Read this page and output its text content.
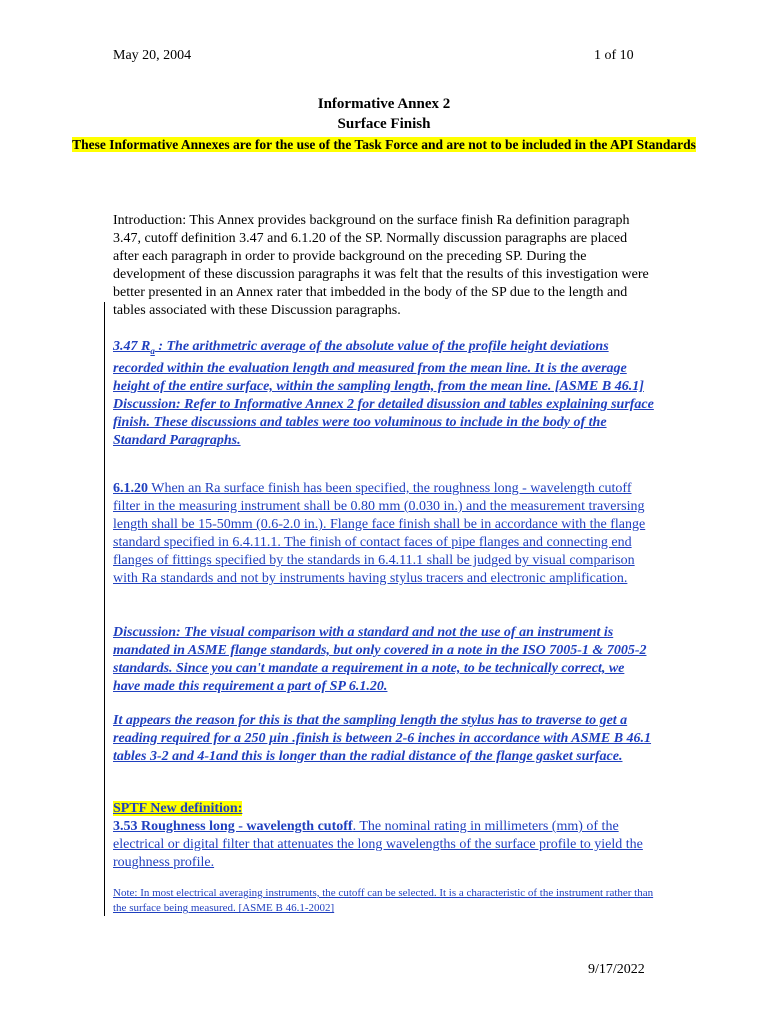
May 20, 2004	1 of 10
Informative Annex 2
Surface Finish
These Informative Annexes are for the use of the Task Force and are not to be included in the API Standards
Introduction: This Annex provides background on the surface finish Ra definition paragraph 3.47, cutoff definition 3.47 and 6.1.20 of the SP. Normally discussion paragraphs are placed after each paragraph in order to provide background on the preceding SP. During the development of these discussion paragraphs it was felt that the results of this investigation were better presented in an Annex rater that imbedded in the body of the SP due to the length and tables associated with these Discussion paragraphs.
3.47 $R_a$ : The arithmetric average of the absolute value of the profile height deviations recorded within the evaluation length and measured from the mean line. It is the average height of the entire surface, within the sampling length, from the mean line. [ASME B 46.1]
Discussion: Refer to Informative Annex 2 for detailed disussion and tables explaining surface finish. These discussions and tables were too voluminous to include in the body of the Standard Paragraphs.
6.1.20 When an Ra surface finish has been specified, the roughness long - wavelength cutoff filter in the measuring instrument shall be 0.80 mm (0.030 in.) and the measurement traversing length shall be 15-50mm (0.6-2.0 in.). Flange face finish shall be in accordance with the flange standard specified in 6.4.11.1. The finish of contact faces of pipe flanges and connecting end flanges of fittings specified by the standards in 6.4.11.1 shall be judged by visual comparison with Ra standards and not by instruments having stylus tracers and electronic amplification.
Discussion: The visual comparison with a standard and not the use of an instrument is mandated in ASME flange standards, but only covered in a note in the ISO 7005-1 & 7005-2 standards. Since you can't mandate a requirement in a note, to be technically correct, we have made this requirement a part of SP 6.1.20.
It appears the reason for this is that the sampling length the stylus has to traverse to get a reading required for a 250 µin .finish is between 2-6 inches in accordance with ASME B 46.1 tables 3-2 and 4-1and this is longer than the radial distance of the flange gasket surface.
SPTF New definition:
3.53 Roughness long - wavelength cutoff. The nominal rating in millimeters (mm) of the electrical or digital filter that attenuates the long wavelengths of the surface profile to yield the roughness profile.
Note: In most electrical averaging instruments, the cutoff can be selected. It is a characteristic of the instrument rather than the surface being measured. [ASME B 46.1-2002]
9/17/2022
